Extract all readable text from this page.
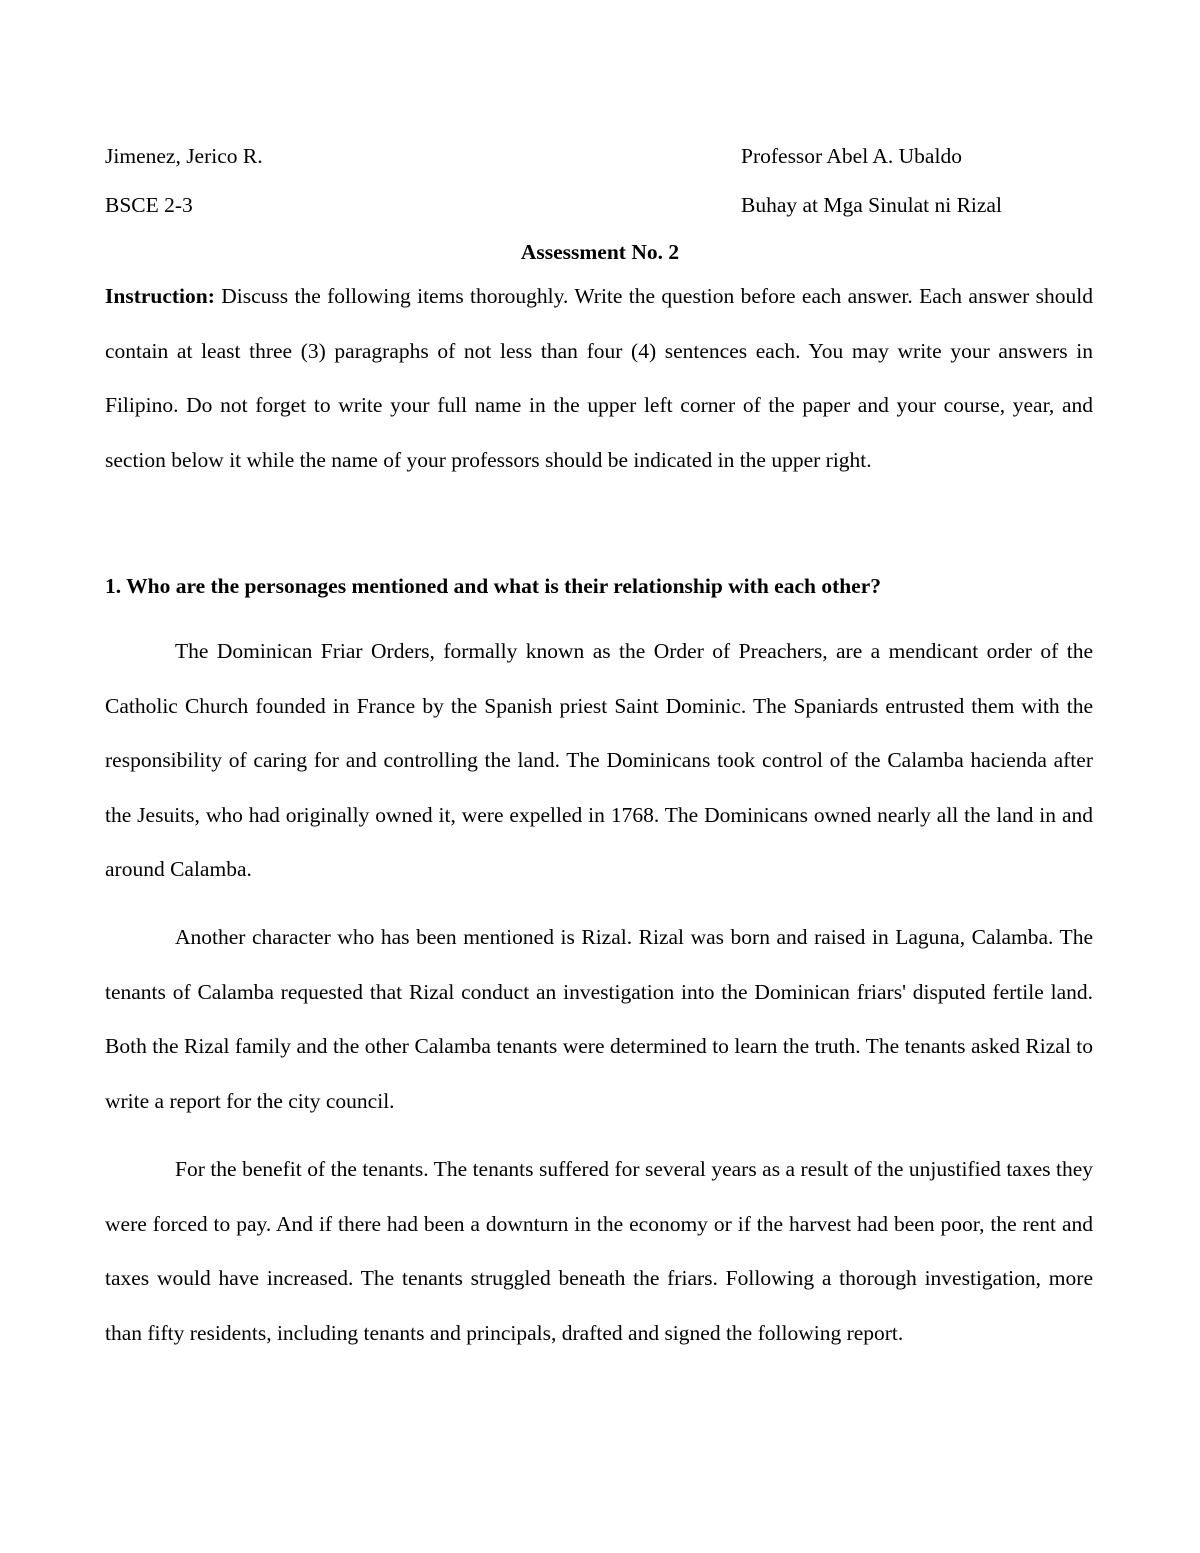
Jimenez, Jerico R.
BSCE 2-3
Professor Abel A. Ubaldo
Buhay at Mga Sinulat ni Rizal
Assessment No. 2

Instruction: Discuss the following items thoroughly. Write the question before each answer. Each answer should contain at least three (3) paragraphs of not less than four (4) sentences each. You may write your answers in Filipino. Do not forget to write your full name in the upper left corner of the paper and your course, year, and section below it while the name of your professors should be indicated in the upper right.

1. Who are the personages mentioned and what is their relationship with each other?

The Dominican Friar Orders, formally known as the Order of Preachers, are a mendicant order of the Catholic Church founded in France by the Spanish priest Saint Dominic. The Spaniards entrusted them with the responsibility of caring for and controlling the land. The Dominicans took control of the Calamba hacienda after the Jesuits, who had originally owned it, were expelled in 1768. The Dominicans owned nearly all the land in and around Calamba.

Another character who has been mentioned is Rizal. Rizal was born and raised in Laguna, Calamba. The tenants of Calamba requested that Rizal conduct an investigation into the Dominican friars' disputed fertile land. Both the Rizal family and the other Calamba tenants were determined to learn the truth. The tenants asked Rizal to write a report for the city council.

For the benefit of the tenants. The tenants suffered for several years as a result of the unjustified taxes they were forced to pay. And if there had been a downturn in the economy or if the harvest had been poor, the rent and taxes would have increased. The tenants struggled beneath the friars. Following a thorough investigation, more than fifty residents, including tenants and principals, drafted and signed the following report.
